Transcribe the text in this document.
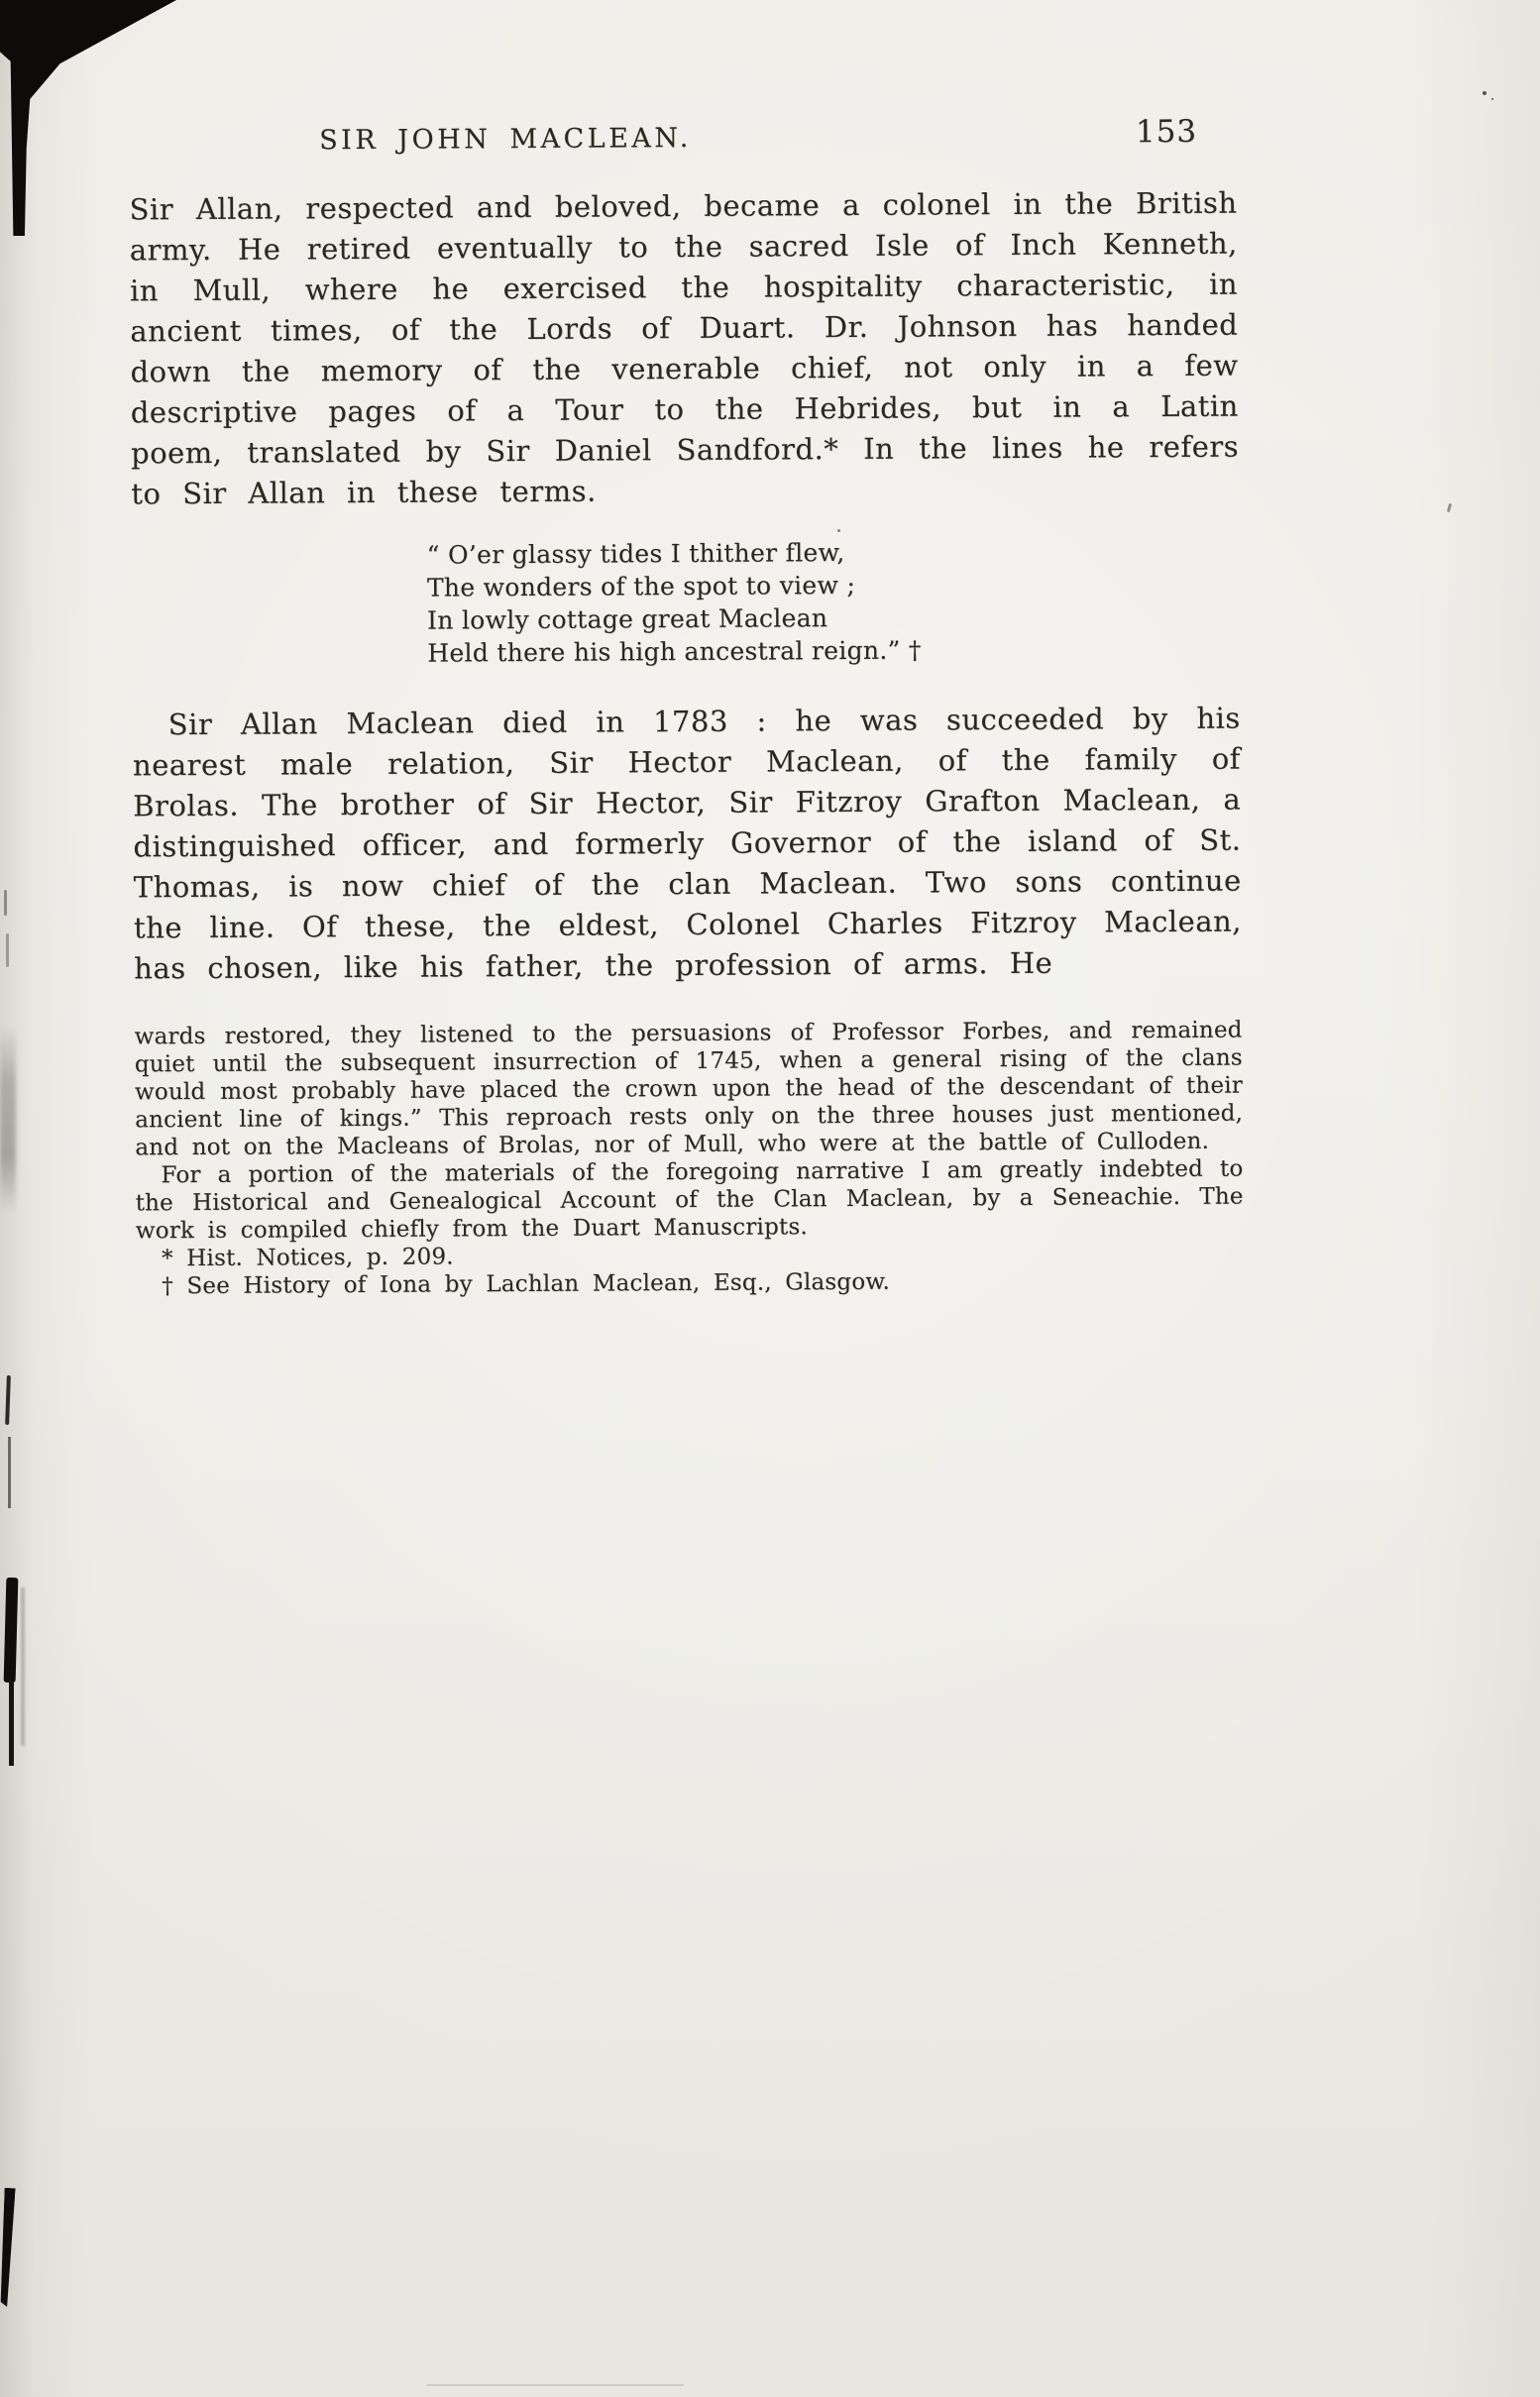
SIR JOHN MACLEAN.	153

Sir Allan, respected and beloved, became a colonel in the British army. He retired eventually to the sacred Isle of Inch Kenneth, in Mull, where he exercised the hospitality characteristic, in ancient times, of the Lords of Duart. Dr. Johnson has handed down the memory of the venerable chief, not only in a few descriptive pages of a Tour to the Hebrides, but in a Latin poem, translated by Sir Daniel Sandford.* In the lines he refers to Sir Allan in these terms.

“ O’er glassy tides I thither flew,
The wonders of the spot to view ;
In lowly cottage great Maclean
Held there his high ancestral reign.” †

Sir Allan Maclean died in 1783 : he was succeeded by his nearest male relation, Sir Hector Maclean, of the family of Brolas. The brother of Sir Hector, Sir Fitzroy Grafton Maclean, a distinguished officer, and formerly Governor of the island of St. Thomas, is now chief of the clan Maclean. Two sons continue the line. Of these, the eldest, Colonel Charles Fitzroy Maclean, has chosen, like his father, the profession of arms. He

wards restored, they listened to the persuasions of Professor Forbes, and remained quiet until the subsequent insurrection of 1745, when a general rising of the clans would most probably have placed the crown upon the head of the descendant of their ancient line of kings.” This reproach rests only on the three houses just mentioned, and not on the Macleans of Brolas, nor of Mull, who were at the battle of Culloden.

For a portion of the materials of the foregoing narrative I am greatly indebted to the Historical and Genealogical Account of the Clan Maclean, by a Seneachie. The work is compiled chiefly from the Duart Manuscripts.

* Hist. Notices, p. 209.

† See History of Iona by Lachlan Maclean, Esq., Glasgow.
